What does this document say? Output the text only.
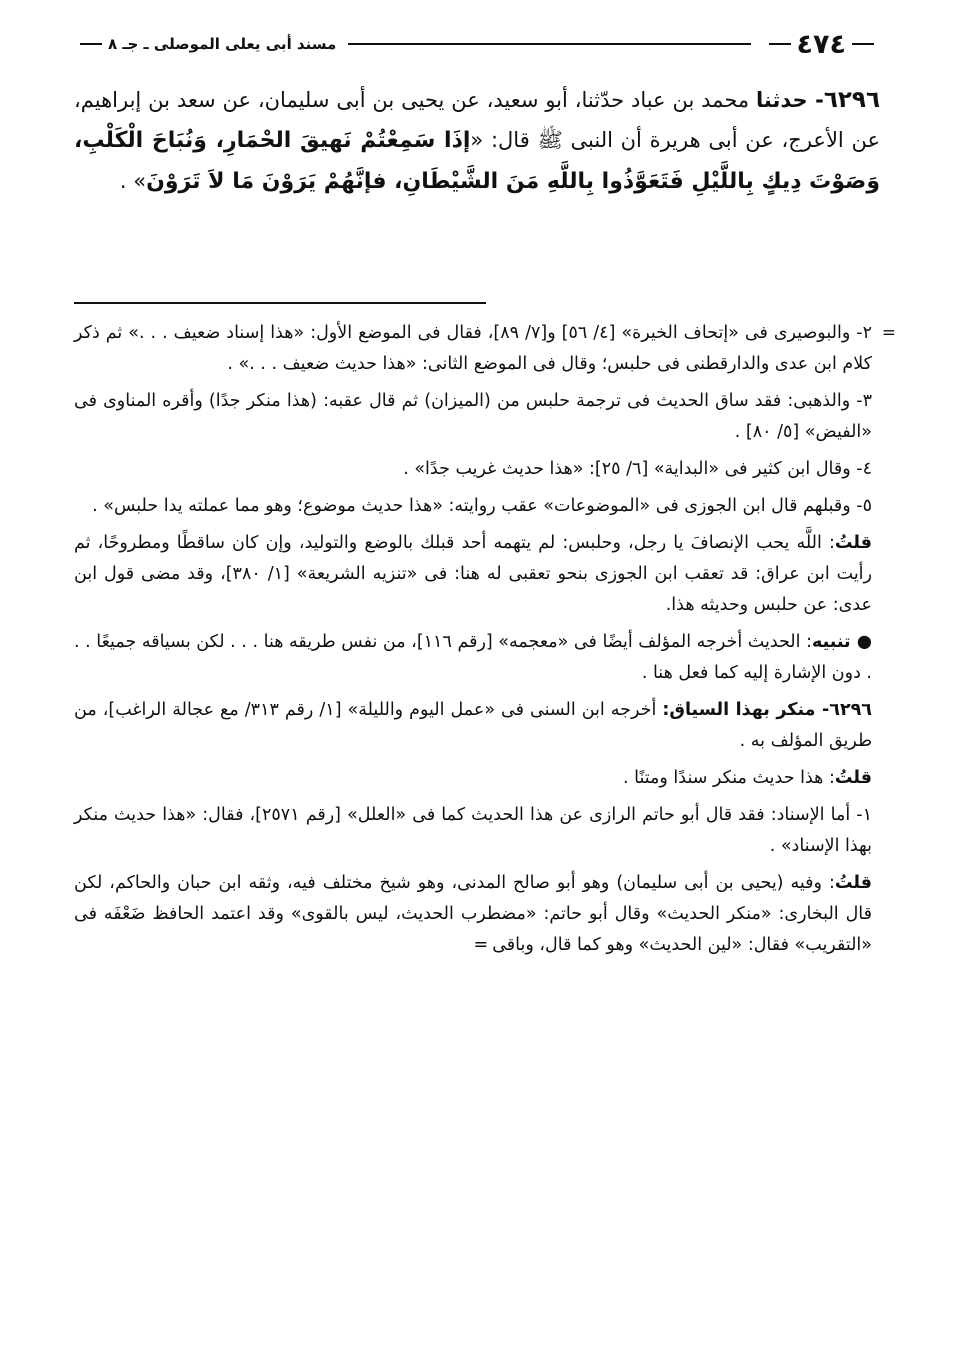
٤٧٤
مسند أبى يعلى الموصلى ـ جـ ٨
٦٢٩٦- حدثنا محمد بن عباد حدّثنا، أبو سعيد، عن يحيى بن أبى سليمان، عن سعد بن إبراهيم، عن الأعرج، عن أبى هريرة أن النبى ﷺ قال: «إذَا سَمِعْتُمْ نَهيقَ الحْمَارِ، وَنُبَاحَ الْكَلْبِ، وَصَوْتَ دِيكٍ بِاللَّيْلِ فَتَعَوَّذُوا بِاللَّهِ مَنَ الشَّيْطَانِ، فإنَّهُمْ يَرَوْنَ مَا لاَ تَرَوْنَ» .

=
٢- والبوصيرى فى «إتحاف الخيرة» [٤/ ٥٦] و[٧/ ٨٩]، فقال فى الموضع الأول: «هذا إسناد ضعيف . . .» ثم ذكر كلام ابن عدى والدارقطنى فى حلبس؛ وقال فى الموضع الثانى: «هذا حديث ضعيف . . .» .

٣- والذهبى: فقد ساق الحديث فى ترجمة حلبس من (الميزان) ثم قال عقبه: (هذا منكر جدًا) وأقره المناوى فى «الفيض» [٥/ ٨٠] .

٤- وقال ابن كثير فى «البداية» [٦/ ٢٥]: «هذا حديث غريب جدًا» .

٥- وقبلهم قال ابن الجوزى فى «الموضوعات» عقب روايته: «هذا حديث موضوع؛ وهو مما عملته يدا حلبس» .

قلتُ: اللَّه يحب الإنصافَ يا رجل، وحلبس: لم يتهمه أحد قبلك بالوضع والتوليد، وإن كان ساقطًا ومطروحًا، ثم رأيت ابن عراق: قد تعقب ابن الجوزى بنحو تعقبى له هنا: فى «تنزيه الشريعة» [١/ ٣٨٠]، وقد مضى قول ابن عدى: عن حلبس وحديثه هذا.

● تنبيه: الحديث أخرجه المؤلف أيضًا فى «معجمه» [رقم ١١٦]، من نفس طريقه هنا . . . لكن بسياقه جميعًا . . . دون الإشارة إليه كما فعل هنا .

٦٢٩٦- منكر بهذا السياق: أخرجه ابن السنى فى «عمل اليوم والليلة» [١/ رقم ٣١٣/ مع عجالة الراغب]، من طريق المؤلف به .

قلتُ: هذا حديث منكر سندًا ومتنًا .

١- أما الإسناد: فقد قال أبو حاتم الرازى عن هذا الحديث كما فى «العلل» [رقم ٢٥٧١]، فقال: «هذا حديث منكر بهذا الإسناد» .

قلتُ: وفيه (يحيى بن أبى سليمان) وهو أبو صالح المدنى، وهو شيخ مختلف فيه، وثقه ابن حبان والحاكم، لكن قال البخارى: «منكر الحديث» وقال أبو حاتم: «مضطرب الحديث، ليس بالقوى» وقد اعتمد الحافظ ضَعْفَه فى «التقريب» فقال: «لين الحديث» وهو كما قال، وباقى=
